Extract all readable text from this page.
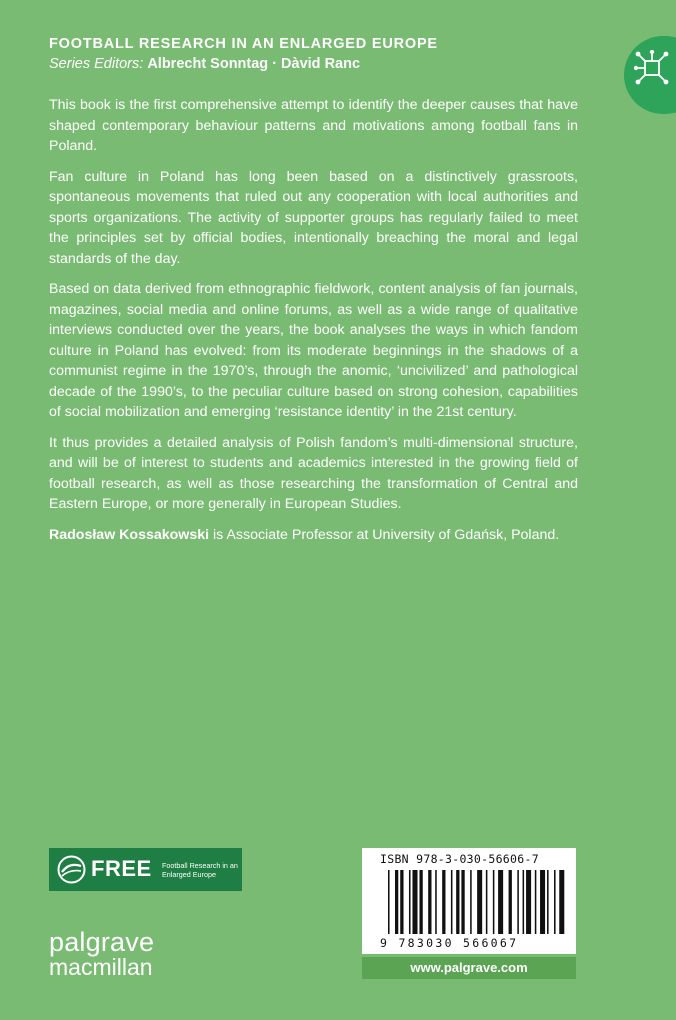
FOOTBALL RESEARCH IN AN ENLARGED EUROPE
Series Editors: Albrecht Sonntag · Dàvid Ranc

This book is the first comprehensive attempt to identify the deeper causes that have shaped contemporary behaviour patterns and motivations among football fans in Poland.

Fan culture in Poland has long been based on a distinctively grassroots, spontaneous movements that ruled out any cooperation with local authorities and sports organizations. The activity of supporter groups has regularly failed to meet the principles set by official bodies, intentionally breaching the moral and legal standards of the day.

Based on data derived from ethnographic fieldwork, content analysis of fan journals, magazines, social media and online forums, as well as a wide range of qualitative interviews conducted over the years, the book analyses the ways in which fandom culture in Poland has evolved: from its moderate beginnings in the shadows of a communist regime in the 1970’s, through the anomic, ‘uncivilized’ and pathological decade of the 1990’s, to the peculiar culture based on strong cohesion, capabilities of social mobilization and emerging ‘resistance identity’ in the 21st century.

It thus provides a detailed analysis of Polish fandom’s multi-dimensional structure, and will be of interest to students and academics interested in the growing field of football research, as well as those researching the transformation of Central and Eastern Europe, or more generally in European Studies.

Radosław Kossakowski is Associate Professor at University of Gdańsk, Poland.

FREE Football Research in an Enlarged Europe
palgrave
macmillan
ISBN 978-3-030-56606-7
9 783030 566067
www.palgrave.com
